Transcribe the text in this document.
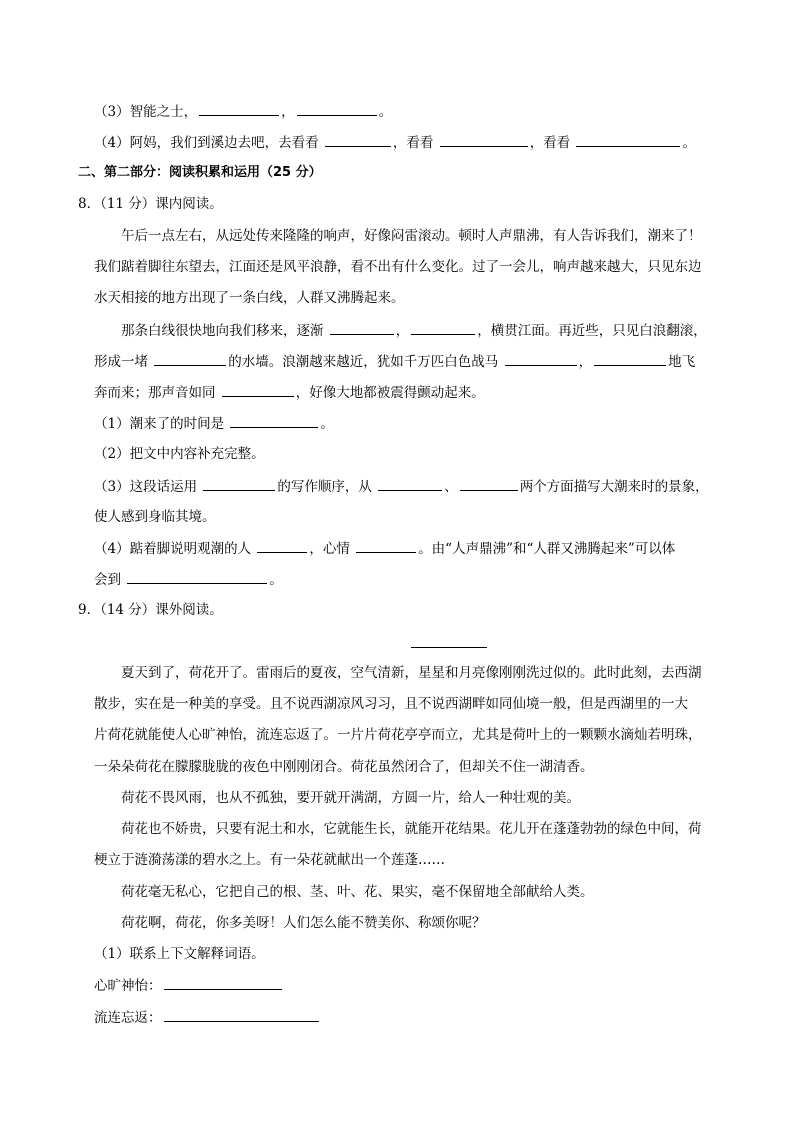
（3）智能之士，	，	。
（4）阿妈，我们到溪边去吧，去看看	，看看	，看看	。
二、第二部分：阅读积累和运用（25 分）
8．（11 分）课内阅读。
午后一点左右，从远处传来隆隆的响声，好像闷雷滚动。顿时人声鼎沸，有人告诉我们，潮来了！
我们踮着脚往东望去，江面还是风平浪静，看不出有什么变化。过了一会儿，响声越来越大，只见东边
水天相接的地方出现了一条白线，人群又沸腾起来。
那条白线很快地向我们移来，逐渐	，	，横贯江面。再近些，只见白浪翻滚，
形成一堵	的水墙。浪潮越来越近，犹如千万匹白色战马	，	地飞
奔而来；那声音如同	，好像大地都被震得颤动起来。
（1）潮来了的时间是	。
（2）把文中内容补充完整。
（3）这段话运用	的写作顺序，从	、	两个方面描写大潮来时的景象，
使人感到身临其境。
（4）踮着脚说明观潮的人	，心情	。由“人声鼎沸”和“人群又沸腾起来”可以体
会到	。
9．（14 分）课外阅读。
夏天到了，荷花开了。雷雨后的夏夜，空气清新，星星和月亮像刚刚洗过似的。此时此刻，去西湖
散步，实在是一种美的享受。且不说西湖凉风习习，且不说西湖畔如同仙境一般，但是西湖里的一大
片荷花就能使人心旷神怡，流连忘返了。一片片荷花亭亭而立，尤其是荷叶上的一颗颗水滴灿若明珠，
一朵朵荷花在朦朦胧胧的夜色中刚刚闭合。荷花虽然闭合了，但却关不住一湖清香。
荷花不畏风雨，也从不孤独，要开就开满湖，方圆一片，给人一种壮观的美。
荷花也不娇贵，只要有泥土和水，它就能生长，就能开花结果。花儿开在蓬蓬勃勃的绿色中间，荷
梗立于涟漪荡漾的碧水之上。有一朵花就献出一个莲蓬……
荷花毫无私心，它把自己的根、茎、叶、花、果实，毫不保留地全部献给人类。
荷花啊，荷花，你多美呀！人们怎么能不赞美你、称颂你呢？
（1）联系上下文解释词语。
心旷神怡：
流连忘返：
